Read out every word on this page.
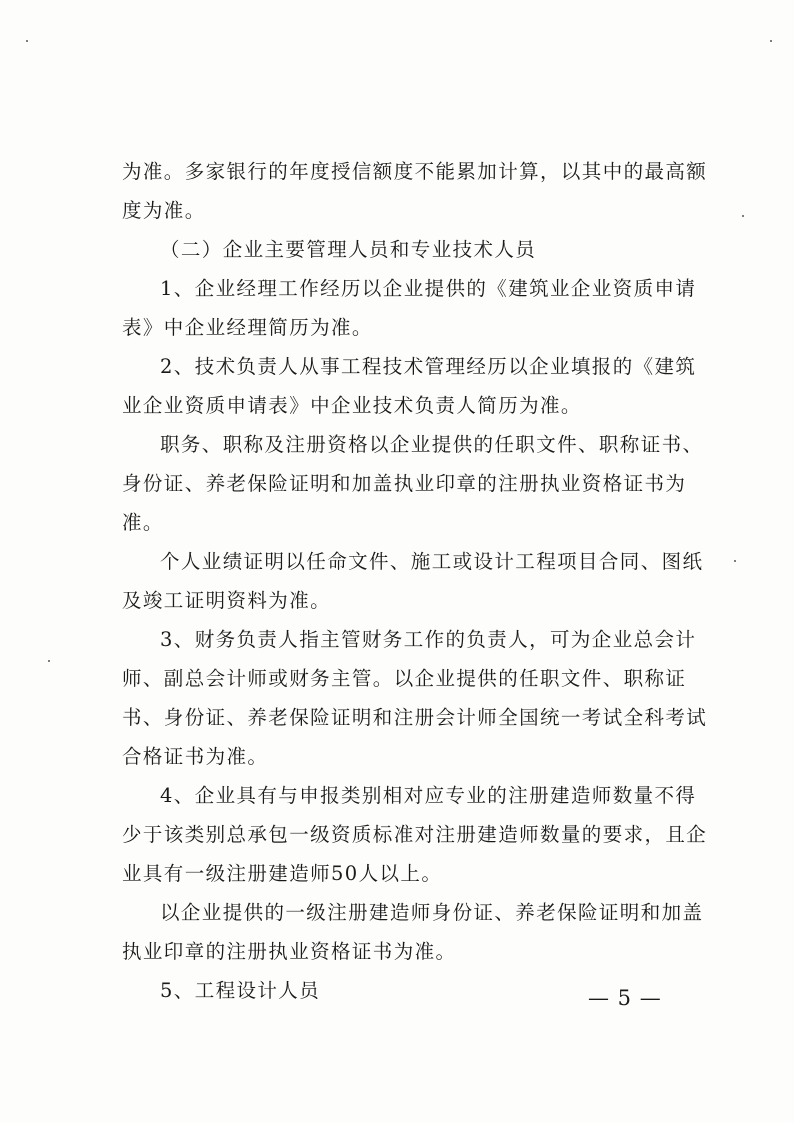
为准。多家银行的年度授信额度不能累加计算，以其中的最高额
度为准。
（二）企业主要管理人员和专业技术人员
1、企业经理工作经历以企业提供的《建筑业企业资质申请
表》中企业经理简历为准。
2、技术负责人从事工程技术管理经历以企业填报的《建筑
业企业资质申请表》中企业技术负责人简历为准。
职务、职称及注册资格以企业提供的任职文件、职称证书、
身份证、养老保险证明和加盖执业印章的注册执业资格证书为
准。
个人业绩证明以任命文件、施工或设计工程项目合同、图纸
及竣工证明资料为准。
3、财务负责人指主管财务工作的负责人，可为企业总会计
师、副总会计师或财务主管。以企业提供的任职文件、职称证
书、身份证、养老保险证明和注册会计师全国统一考试全科考试
合格证书为准。
4、企业具有与申报类别相对应专业的注册建造师数量不得
少于该类别总承包一级资质标准对注册建造师数量的要求，且企
业具有一级注册建造师50人以上。
以企业提供的一级注册建造师身份证、养老保险证明和加盖
执业印章的注册执业资格证书为准。
5、工程设计人员	— 5 —
